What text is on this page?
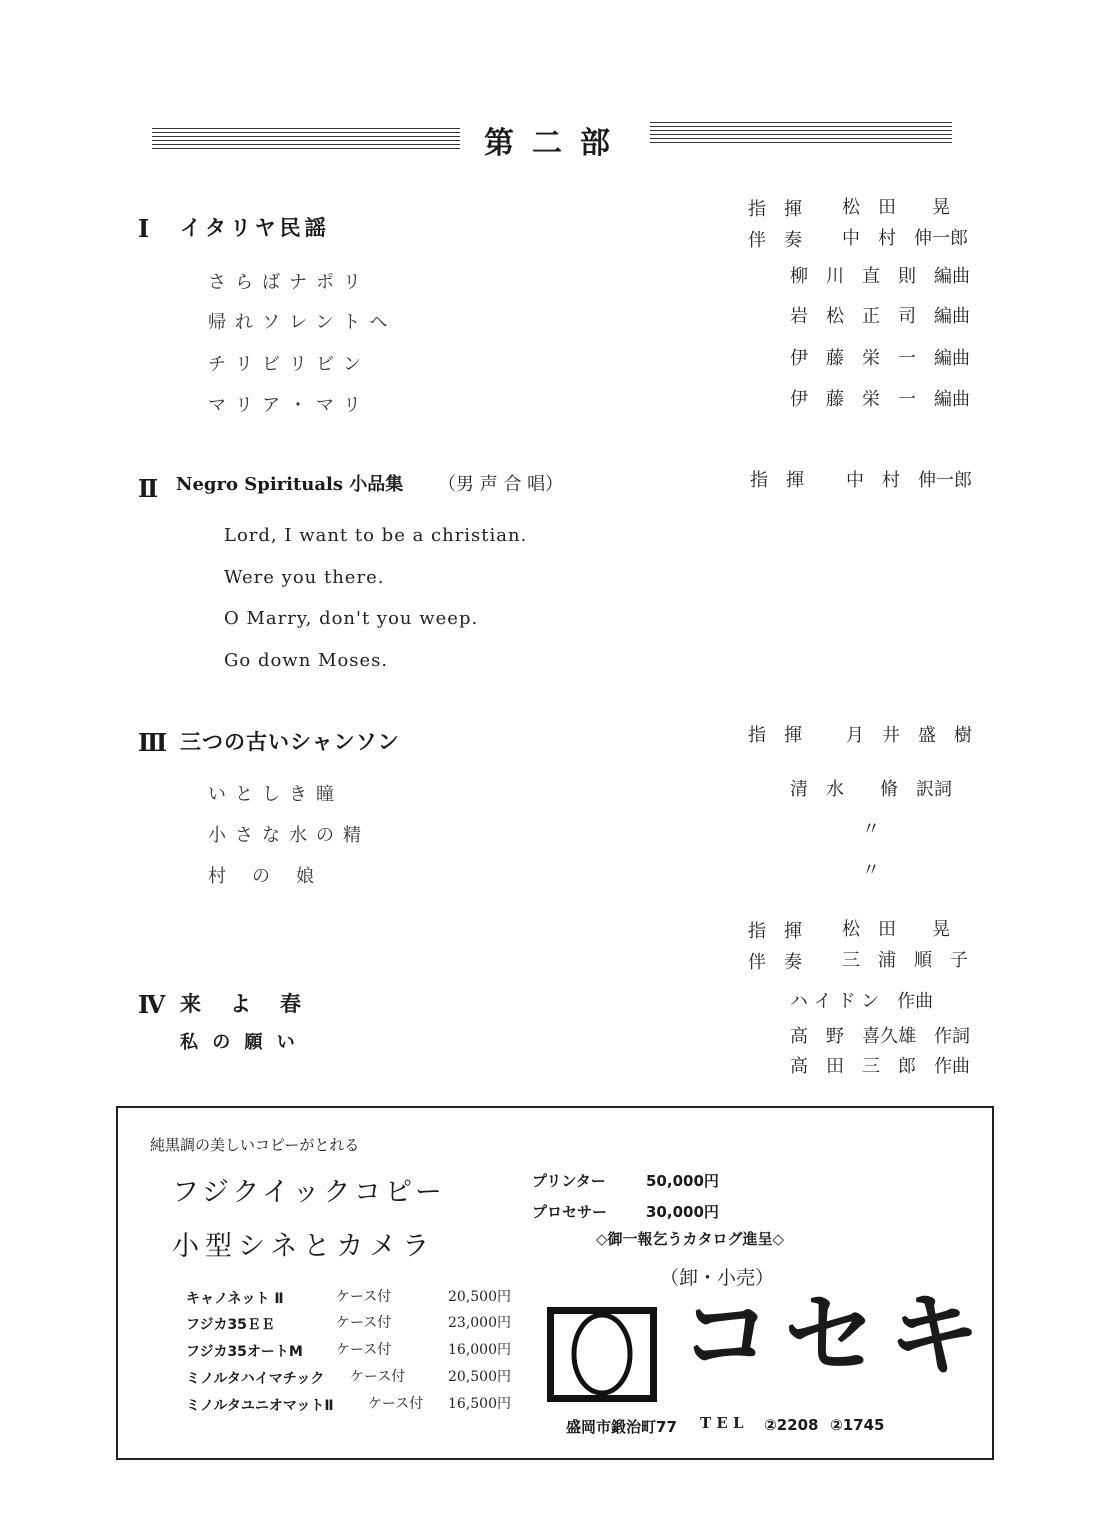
第二部
Ⅰ イタリヤ民謡
指　揮 松　田　　晃
伴　奏 中　村　伸一郎
さらばナポリ	柳　川　直　則　編曲
帰れソレントへ	岩　松　正　司　編曲
チリビリビン	伊　藤　栄　一　編曲
マリア・マリ	伊　藤　栄　一　編曲
Ⅱ Negro Spirituals 小品集 （男 声 合 唱）	指　揮 中　村　伸一郎
Lord, I want to be a christian.
Were you there.
O Marry, don't you weep.
Go down Moses.
Ⅲ 三つの古いシャンソン	指　揮 月　井　盛　樹
いとしき瞳	清　水　　脩　訳詞
小さな水の精	〃
村　の　娘	〃
指　揮 松　田　　晃
伴　奏 三　浦　順　子
Ⅳ 来　よ　春	ハ イ ド ン　作曲
私 の 願 い	高　野　喜久雄　作詞
高　田　三　郎　作曲
純黒調の美しいコピーがとれる
フジクイックコピー
小型シネとカメラ
キャノネット Ⅱ	ケース付	20,500円
フジカ35ＥＥ	ケース付	23,000円
フジカ35オートM ケース付	16,000円
ミノルタハイマチック ケース付	20,500円
ミノルタユニオマットⅡ ケース付 16,500円
プリンター	50,000円
プロセサー	30,000円
◇御一報乞うカタログ進呈◇
（卸・小売）
コセキ
盛岡市鍛治町77 T E L ②2208 ②1745
